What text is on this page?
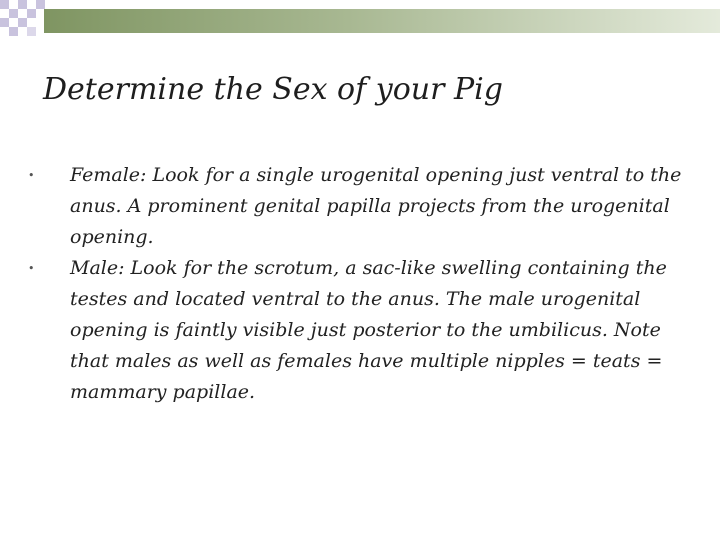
Determine the Sex of your Pig
• Female: Look for a single urogenital opening just ventral to the anus. A prominent genital papilla projects from the urogenital opening.
• Male: Look for the scrotum, a sac-like swelling containing the testes and located ventral to the anus. The male urogenital opening is faintly visible just posterior to the umbilicus. Note that males as well as females have multiple nipples = teats = mammary papillae.
